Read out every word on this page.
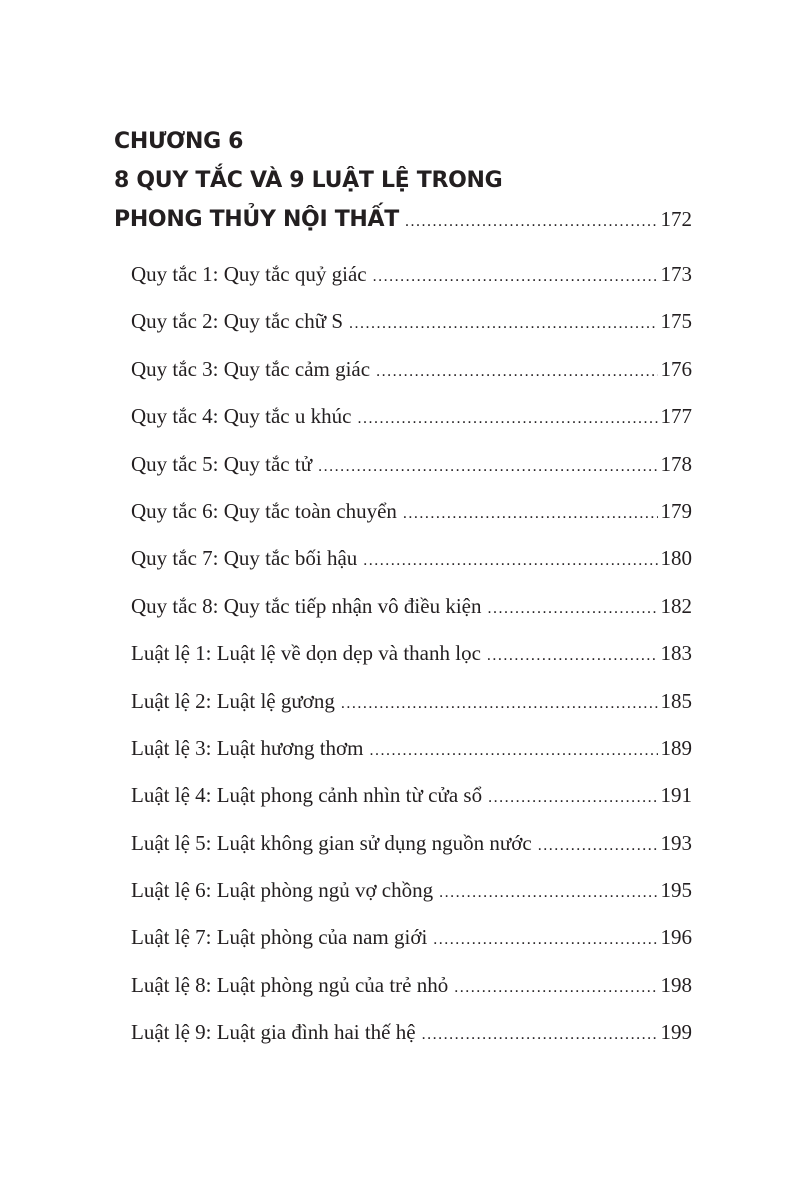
CHƯƠNG 6
8 QUY TẮC VÀ 9 LUẬT LỆ TRONG
PHONG THỦY NỘI THẤT .....	172
Quy tắc 1: Quy tắc quỷ giác .....	173
Quy tắc 2: Quy tắc chữ S .....	175
Quy tắc 3: Quy tắc cảm giác .....	176
Quy tắc 4: Quy tắc u khúc .....	177
Quy tắc 5: Quy tắc tử .....	178
Quy tắc 6: Quy tắc toàn chuyển .....	179
Quy tắc 7: Quy tắc bối hậu .....	180
Quy tắc 8: Quy tắc tiếp nhận vô điều kiện .....	182
Luật lệ 1: Luật lệ về dọn dẹp và thanh lọc .....	183
Luật lệ 2: Luật lệ gương .....	185
Luật lệ 3: Luật hương thơm .....	189
Luật lệ 4: Luật phong cảnh nhìn từ cửa sổ .....	191
Luật lệ 5: Luật không gian sử dụng nguồn nước .....	193
Luật lệ 6: Luật phòng ngủ vợ chồng .....	195
Luật lệ 7: Luật phòng của nam giới .....	196
Luật lệ 8: Luật phòng ngủ của trẻ nhỏ .....	198
Luật lệ 9: Luật gia đình hai thế hệ .....	199
